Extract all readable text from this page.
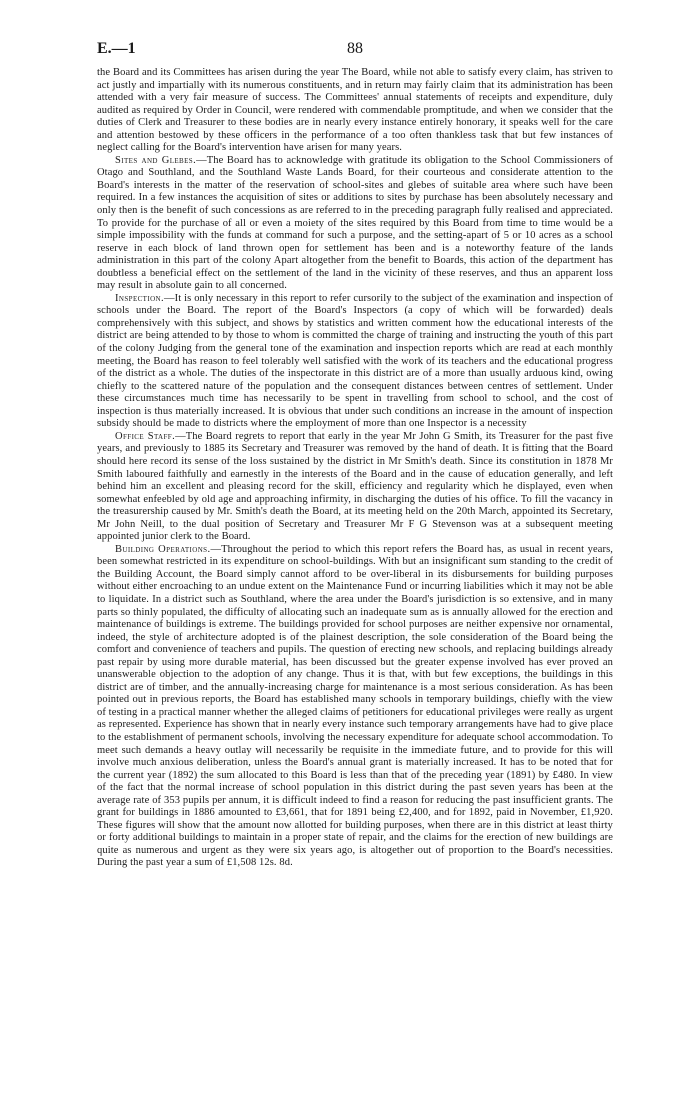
E.—1	88

the Board and its Committees has arisen during the year The Board, while not able to satisfy every claim, has striven to act justly and impartially with its numerous constituents, and in return may fairly claim that its administration has been attended with a very fair measure of success. The Committees' annual statements of receipts and expenditure, duly audited as required by Order in Council, were rendered with commendable promptitude, and when we consider that the duties of Clerk and Treasurer to these bodies are in nearly every instance entirely honorary, it speaks well for the care and attention bestowed by these officers in the performance of a too often thankless task that but few instances of neglect calling for the Board's intervention have arisen for many years.

Sites and Glebes.—The Board has to acknowledge with gratitude its obligation to the School Commissioners of Otago and Southland, and the Southland Waste Lands Board, for their courteous and considerate attention to the Board's interests in the matter of the reservation of school-sites and glebes of suitable area where such have been required. In a few instances the acquisition of sites or additions to sites by purchase has been absolutely necessary and only then is the benefit of such concessions as are referred to in the preceding paragraph fully realised and appreciated. To provide for the purchase of all or even a moiety of the sites required by this Board from time to time would be a simple impossibility with the funds at command for such a purpose, and the setting-apart of 5 or 10 acres as a school reserve in each block of land thrown open for settlement has been and is a noteworthy feature of the lands administration in this part of the colony Apart altogether from the benefit to Boards, this action of the department has doubtless a beneficial effect on the settlement of the land in the vicinity of these reserves, and thus an apparent loss may result in absolute gain to all concerned.

Inspection.—It is only necessary in this report to refer cursorily to the subject of the examination and inspection of schools under the Board. The report of the Board's Inspectors (a copy of which will be forwarded) deals comprehensively with this subject, and shows by statistics and written comment how the educational interests of the district are being attended to by those to whom is committed the charge of training and instructing the youth of this part of the colony Judging from the general tone of the examination and inspection reports which are read at each monthly meeting, the Board has reason to feel tolerably well satisfied with the work of its teachers and the educational progress of the district as a whole. The duties of the inspectorate in this district are of a more than usually arduous kind, owing chiefly to the scattered nature of the population and the consequent distances between centres of settlement. Under these circumstances much time has necessarily to be spent in travelling from school to school, and the cost of inspection is thus materially increased. It is obvious that under such conditions an increase in the amount of inspection subsidy should be made to districts where the employment of more than one Inspector is a necessity

Office Staff.—The Board regrets to report that early in the year Mr John G Smith, its Treasurer for the past five years, and previously to 1885 its Secretary and Treasurer was removed by the hand of death. It is fitting that the Board should here record its sense of the loss sustained by the district in Mr Smith's death. Since its constitution in 1878 Mr Smith laboured faithfully and earnestly in the interests of the Board and in the cause of education generally, and left behind him an excellent and pleasing record for the skill, efficiency and regularity which he displayed, even when somewhat enfeebled by old age and approaching infirmity, in discharging the duties of his office. To fill the vacancy in the treasurership caused by Mr. Smith's death the Board, at its meeting held on the 20th March, appointed its Secretary, Mr John Neill, to the dual position of Secretary and Treasurer Mr F G Stevenson was at a subsequent meeting appointed junior clerk to the Board.

Building Operations.—Throughout the period to which this report refers the Board has, as usual in recent years, been somewhat restricted in its expenditure on school-buildings. With but an insignificant sum standing to the credit of the Building Account, the Board simply cannot afford to be over-liberal in its disbursements for building purposes without either encroaching to an undue extent on the Maintenance Fund or incurring liabilities which it may not be able to liquidate. In a district such as Southland, where the area under the Board's jurisdiction is so extensive, and in many parts so thinly populated, the difficulty of allocating such an inadequate sum as is annually allowed for the erection and maintenance of buildings is extreme. The buildings provided for school purposes are neither expensive nor ornamental, indeed, the style of architecture adopted is of the plainest description, the sole consideration of the Board being the comfort and convenience of teachers and pupils. The question of erecting new schools, and replacing buildings already past repair by using more durable material, has been discussed but the greater expense involved has ever proved an unanswerable objection to the adoption of any change. Thus it is that, with but few exceptions, the buildings in this district are of timber, and the annually-increasing charge for maintenance is a most serious consideration. As has been pointed out in previous reports, the Board has established many schools in temporary buildings, chiefly with the view of testing in a practical manner whether the alleged claims of petitioners for educational privileges were really as urgent as represented. Experience has shown that in nearly every instance such temporary arrangements have had to give place to the establishment of permanent schools, involving the necessary expenditure for adequate school accommodation. To meet such demands a heavy outlay will necessarily be requisite in the immediate future, and to provide for this will involve much anxious deliberation, unless the Board's annual grant is materially increased. It has to be noted that for the current year (1892) the sum allocated to this Board is less than that of the preceding year (1891) by £480. In view of the fact that the normal increase of school population in this district during the past seven years has been at the average rate of 353 pupils per annum, it is difficult indeed to find a reason for reducing the past insufficient grants. The grant for buildings in 1886 amounted to £3,661, that for 1891 being £2,400, and for 1892, paid in November, £1,920. These figures will show that the amount now allotted for building purposes, when there are in this district at least thirty or forty additional buildings to maintain in a proper state of repair, and the claims for the erection of new buildings are quite as numerous and urgent as they were six years ago, is altogether out of proportion to the Board's necessities. During the past year a sum of £1,508 12s. 8d.
